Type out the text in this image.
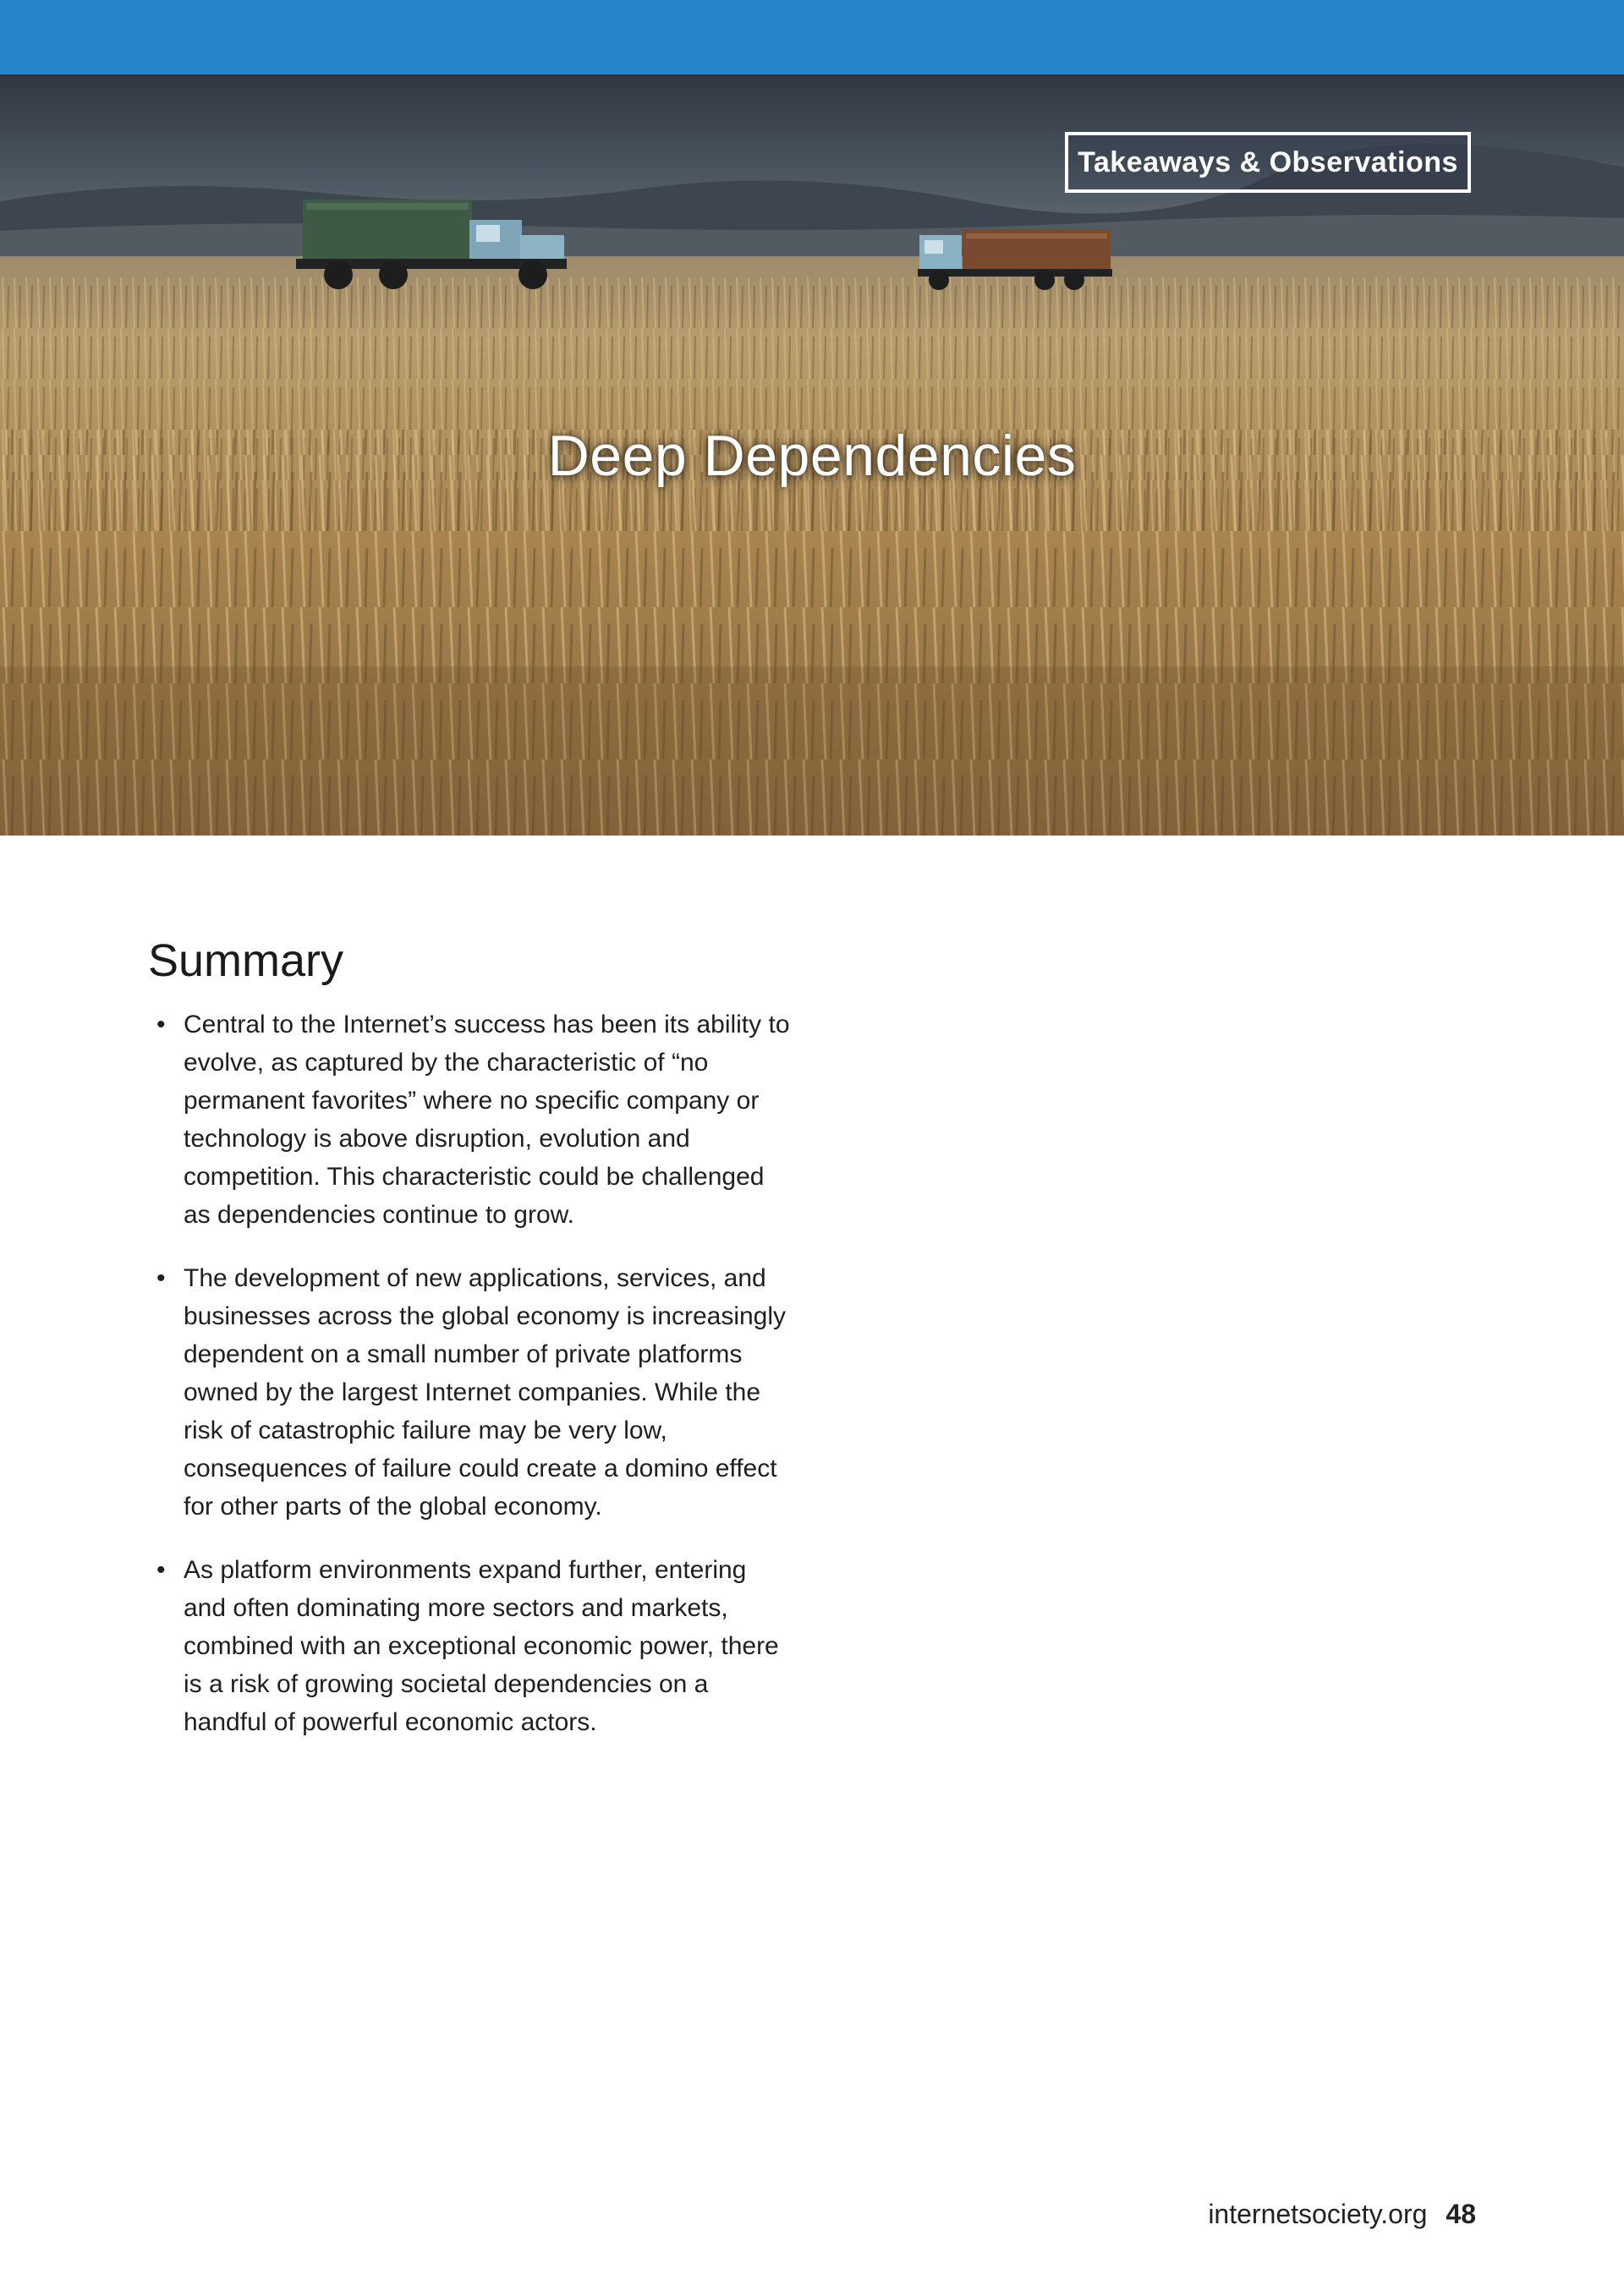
Takeaways & Observations
Deep Dependencies
Summary
• Central to the Internet’s success has been its ability to evolve, as captured by the characteristic of “no permanent favorites” where no specific company or technology is above disruption, evolution and competition. This characteristic could be challenged as dependencies continue to grow.
• The development of new applications, services, and businesses across the global economy is increasingly dependent on a small number of private platforms owned by the largest Internet companies. While the risk of catastrophic failure may be very low, consequences of failure could create a domino effect for other parts of the global economy.
• As platform environments expand further, entering and often dominating more sectors and markets, combined with an exceptional economic power, there is a risk of growing societal dependencies on a handful of powerful economic actors.
internetsociety.org 48
